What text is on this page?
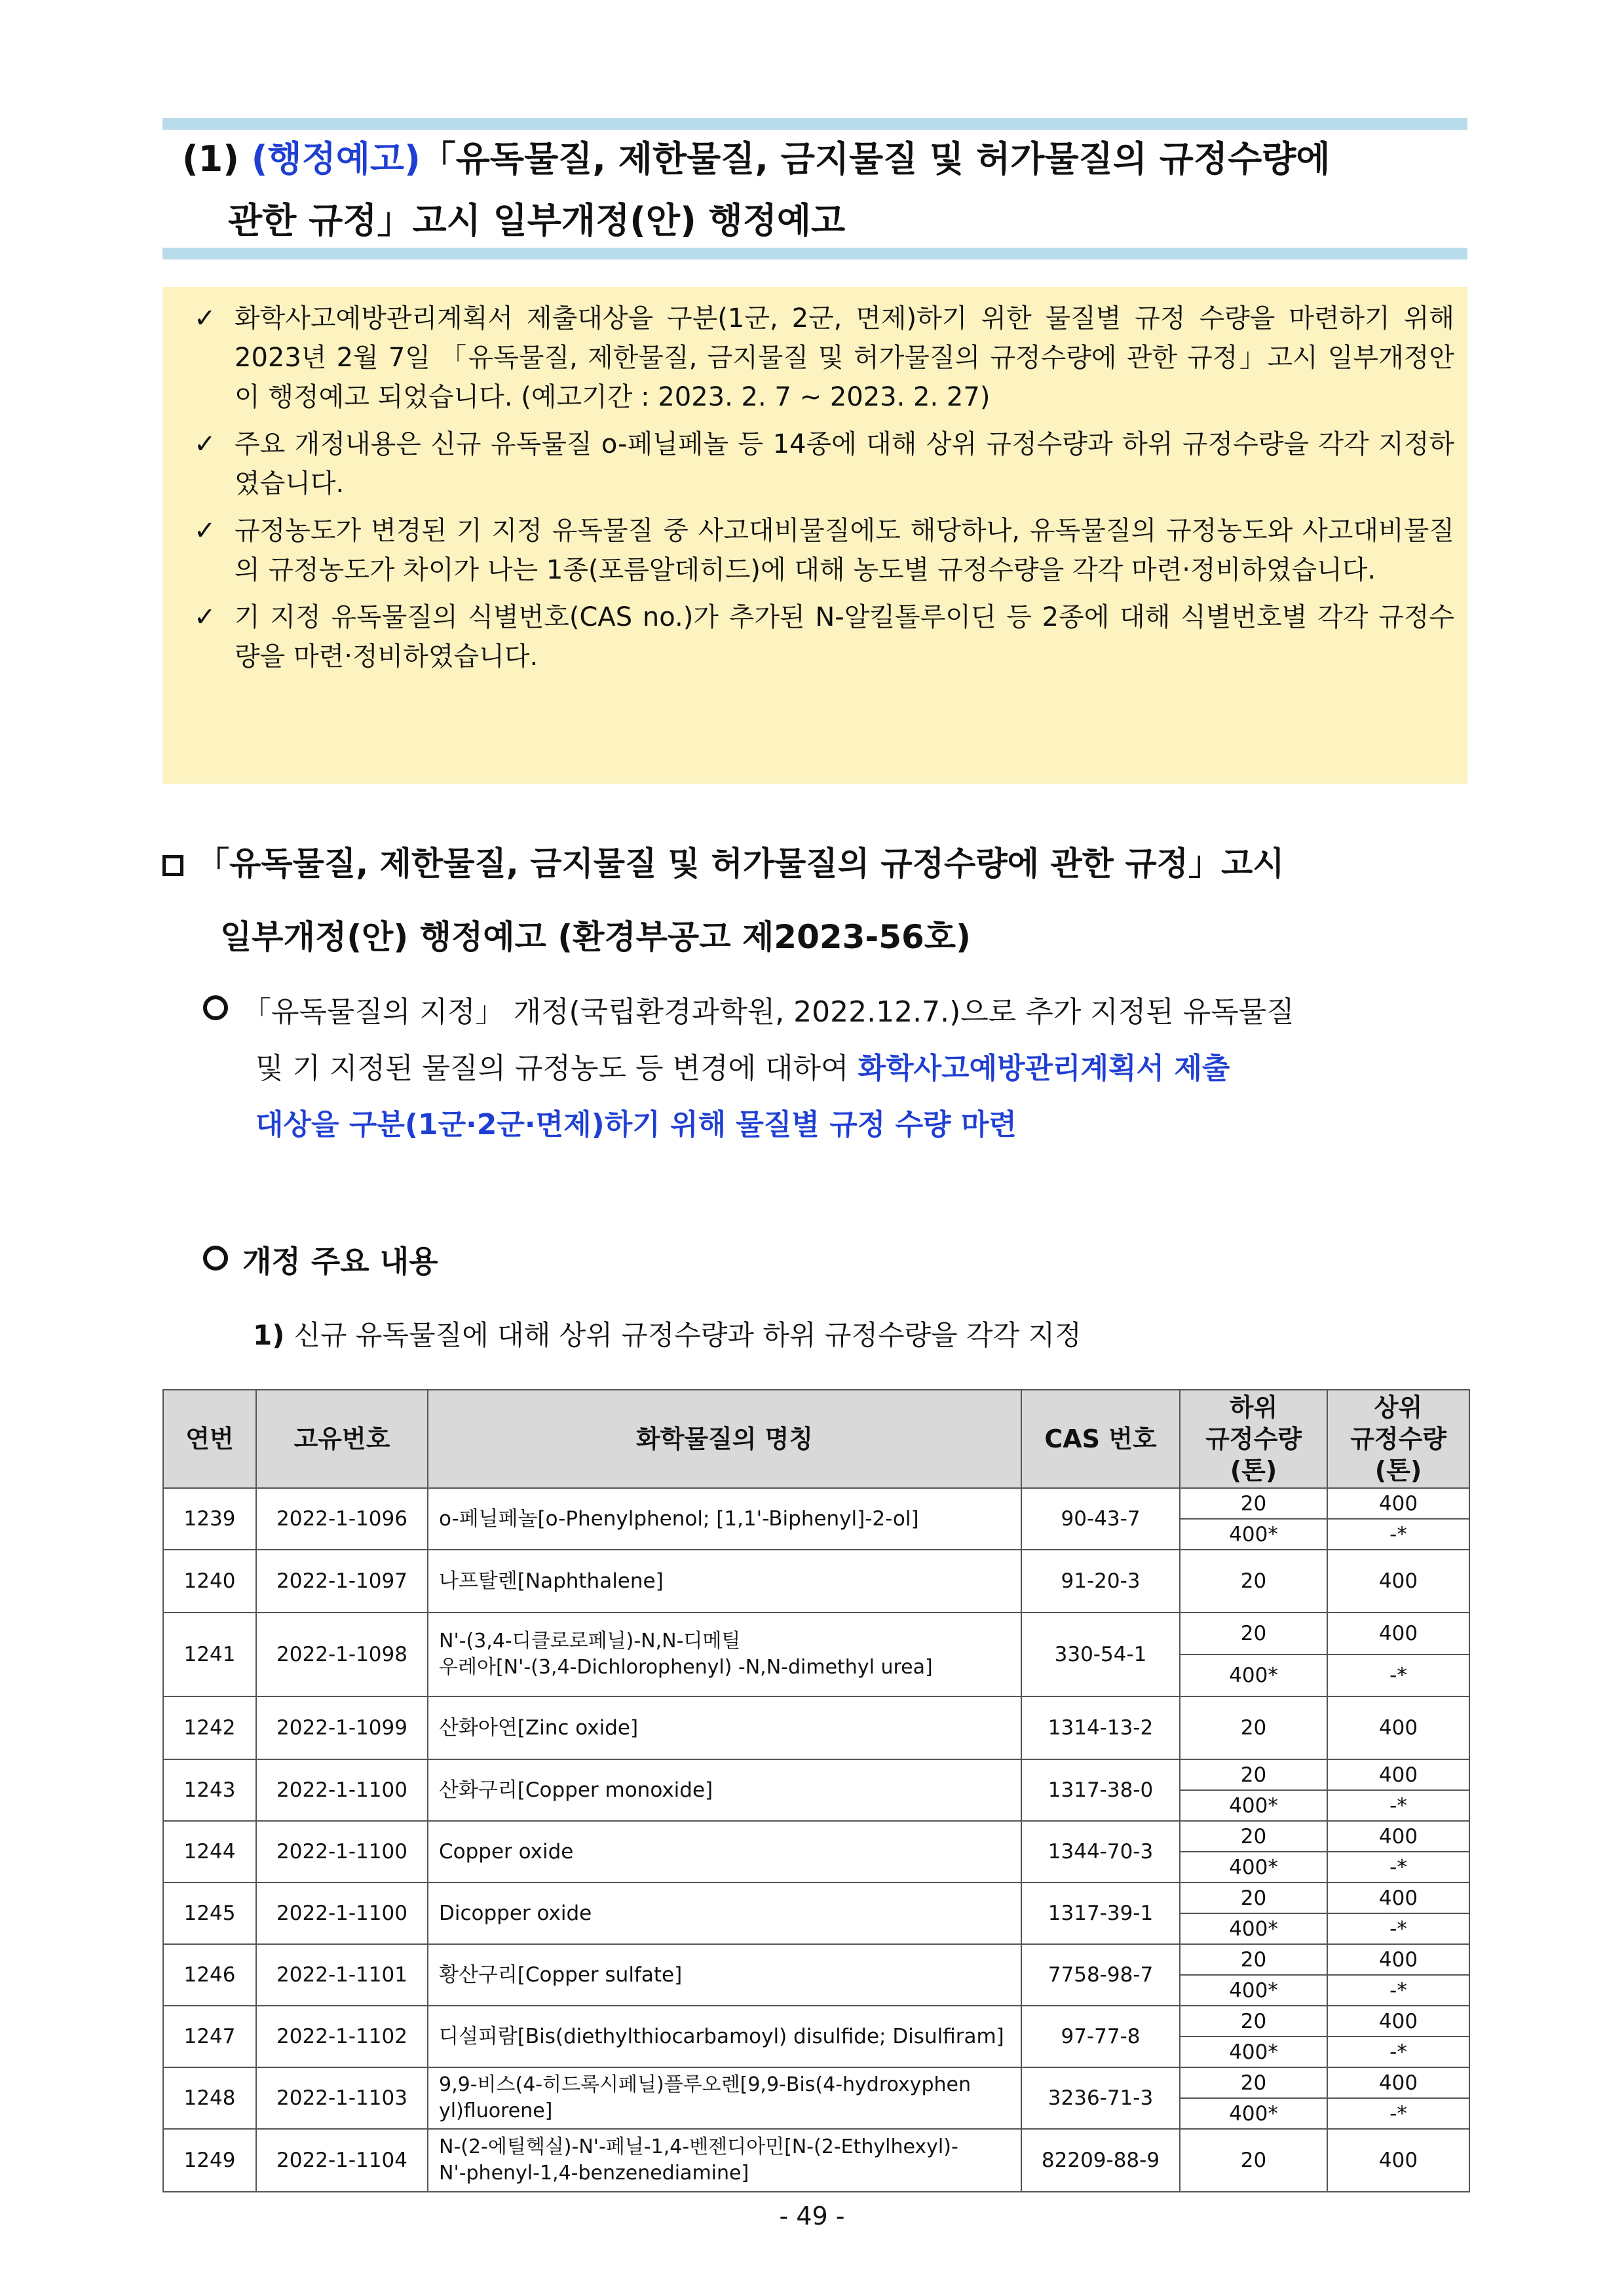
(1) (행정예고)「유독물질, 제한물질, 금지물질 및 허가물질의 규정수량에
관한 규정」고시 일부개정(안) 행정예고
✓ 화학사고예방관리계획서 제출대상을 구분(1군, 2군, 면제)하기 위한 물질별 규정 수량을 마련하기 위해 2023년 2월 7일 「유독물질, 제한물질, 금지물질 및 허가물질의 규정수량에 관한 규정」고시 일부개정안이 행정예고 되었습니다. (예고기간 : 2023. 2. 7 ~ 2023. 2. 27)
✓ 주요 개정내용은 신규 유독물질 o-페닐페놀 등 14종에 대해 상위 규정수량과 하위 규정수량을 각각 지정하였습니다.
✓ 규정농도가 변경된 기 지정 유독물질 중 사고대비물질에도 해당하나, 유독물질의 규정농도와 사고대비물질의 규정농도가 차이가 나는 1종(포름알데히드)에 대해 농도별 규정수량을 각각 마련‧정비하였습니다.
✓ 기 지정 유독물질의 식별번호(CAS no.)가 추가된 N-알킬톨루이딘 등 2종에 대해 식별번호별 각각 규정수량을 마련‧정비하였습니다.
「유독물질, 제한물질, 금지물질 및 허가물질의 규정수량에 관한 규정」고시
일부개정(안) 행정예고 (환경부공고 제2023-56호)
「유독물질의 지정」 개정(국립환경과학원, 2022.12.7.)으로 추가 지정된 유독물질
및 기 지정된 물질의 규정농도 등 변경에 대하여 화학사고예방관리계획서 제출
대상을 구분(1군·2군·면제)하기 위해 물질별 규정 수량 마련
개정 주요 내용
1) 신규 유독물질에 대해 상위 규정수량과 하위 규정수량을 각각 지정
연번	고유번호	화학물질의 명칭	CAS 번호	하위
규정수량
(톤)	상위
규정수량
(톤)
1239	2022-1-1096	o-페닐페놀[o-Phenylphenol; [1,1'-Biphenyl]-2-ol]	90-43-7	20	400
				400*	-*
1240	2022-1-1097	나프탈렌[Naphthalene]	91-20-3	20	400
1241	2022-1-1098	N'-(3,4-디클로로페닐)-N,N-디메틸
우레아[N'-(3,4-Dichlorophenyl) -N,N-dimethyl urea]	330-54-1	20	400
				400*	-*
1242	2022-1-1099	산화아연[Zinc oxide]	1314-13-2	20	400
1243	2022-1-1100	산화구리[Copper monoxide]	1317-38-0	20	400
				400*	-*
1244	2022-1-1100	Copper oxide	1344-70-3	20	400
				400*	-*
1245	2022-1-1100	Dicopper oxide	1317-39-1	20	400
				400*	-*
1246	2022-1-1101	황산구리[Copper sulfate]	7758-98-7	20	400
				400*	-*
1247	2022-1-1102	디설피람[Bis(diethylthiocarbamoyl) disulfide; Disulfiram]	97-77-8	20	400
				400*	-*
1248	2022-1-1103	9,9-비스(4-히드록시페닐)플루오렌[9,9-Bis(4-hydroxyphen
yl)fluorene]	3236-71-3	20	400
				400*	-*
1249	2022-1-1104	N-(2-에틸헥실)-N'-페닐-1,4-벤젠디아민[N-(2-Ethylhexyl)-
N'-phenyl-1,4-benzenediamine]	82209-88-9	20	400
- 49 -
